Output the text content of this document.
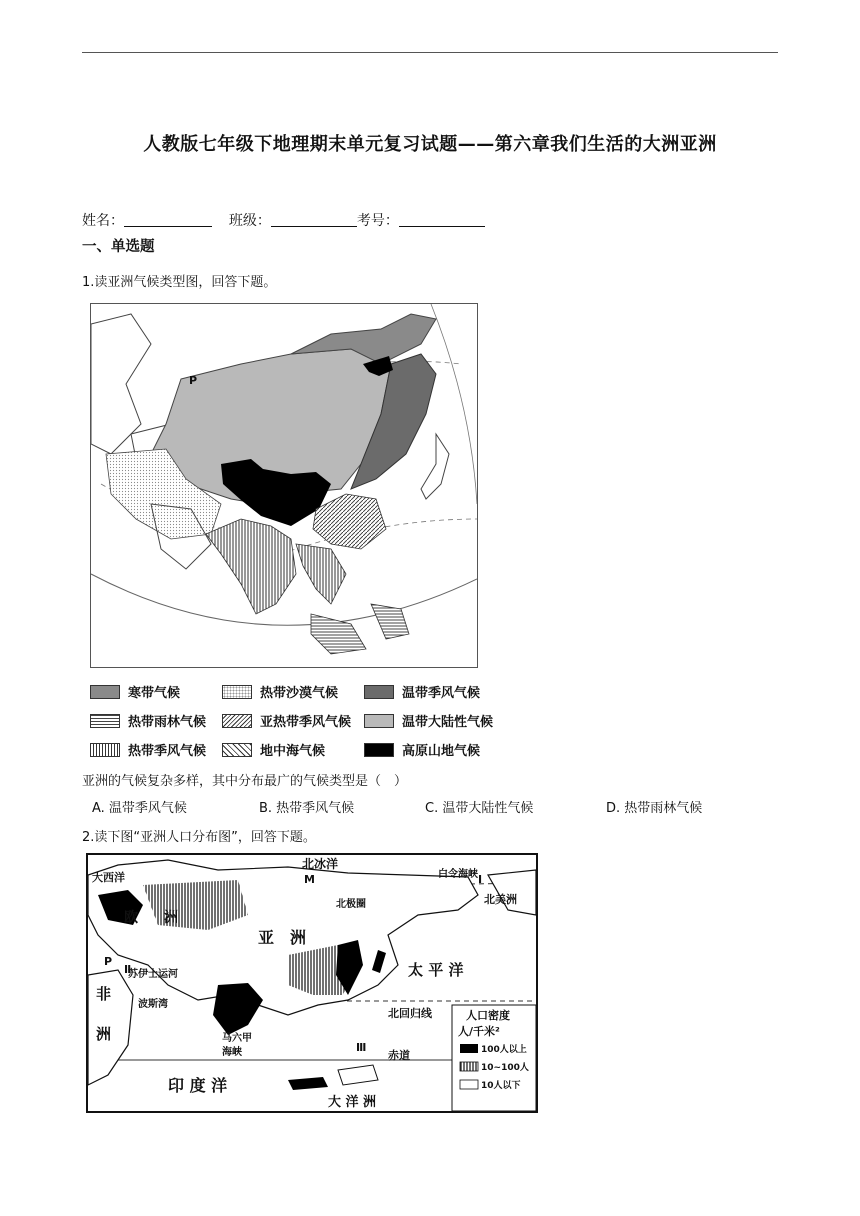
人教版七年级下地理期末单元复习试题——第六章我们生活的大洲亚洲
姓名：	班级：	考号：
一、单选题
1.读亚洲气候类型图，回答下题。
P
寒带气候	热带沙漠气候	温带季风气候
热带雨林气候	亚热带季风气候	温带大陆性气候
热带季风气候	地中海气候	高原山地气候
亚洲的气候复杂多样，其中分布最广的气候类型是（　）
A. 温带季风气候	B. 热带季风气候	C. 温带大陆性气候	D. 热带雨林气候
2.读下图“亚洲人口分布图”，回答下题。
北冰洋
白令海峡
大西洋	M
北极圈	北美洲
欧 洲
亚　洲
太 平 洋
P
非
洲
苏伊士运河
波斯湾
北回归线
马六甲
海峡	赤道
印 度 洋
大 洋 洲
Ⅰ
Ⅱ
Ⅲ
人口密度
人/千米²
100人以上
10~100人
10人以下
